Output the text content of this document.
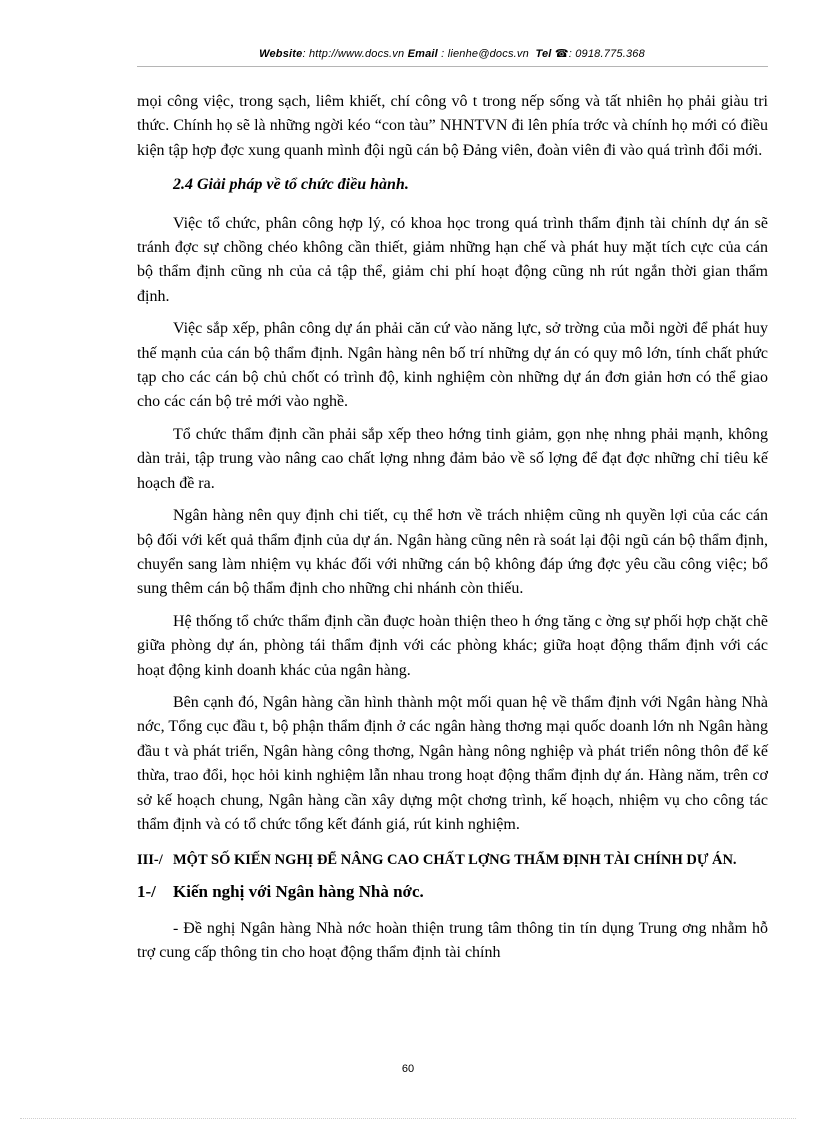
Website: http://www.docs.vn Email : lienhe@docs.vn Tel ☎: 0918.775.368

mọi công việc, trong sạch, liêm khiết, chí công vô t trong nếp sống và tất nhiên họ phải giàu tri thức. Chính họ sẽ là những ngời kéo “con tàu” NHNTVN đi lên phía trớc và chính họ mới có điều kiện tập hợp đợc xung quanh mình đội ngũ cán bộ Đảng viên, đoàn viên đi vào quá trình đổi mới.

2.4 Giải pháp về tổ chức điều hành.

Việc tổ chức, phân công hợp lý, có khoa học trong quá trình thẩm định tài chính dự án sẽ tránh đợc sự chồng chéo không cần thiết, giảm những hạn chế và phát huy mặt tích cực của cán bộ thẩm định cũng nh của cả tập thể, giảm chi phí hoạt động cũng nh rút ngắn thời gian thẩm định.

Việc sắp xếp, phân công dự án phải căn cứ vào năng lực, sở trờng của mỗi ngời để phát huy thế mạnh của cán bộ thẩm định. Ngân hàng nên bố trí những dự án có quy mô lớn, tính chất phức tạp cho các cán bộ chủ chốt có trình độ, kinh nghiệm còn những dự án đơn giản hơn có thể giao cho các cán bộ trẻ mới vào nghề.

Tổ chức thẩm định cần phải sắp xếp theo hớng tinh giảm, gọn nhẹ nhng phải mạnh, không dàn trải, tập trung vào nâng cao chất lợng nhng đảm bảo về số lợng để đạt đợc những chỉ tiêu kế hoạch đề ra.

Ngân hàng nên quy định chi tiết, cụ thể hơn về trách nhiệm cũng nh quyền lợi của các cán bộ đối với kết quả thẩm định của dự án. Ngân hàng cũng nên rà soát lại đội ngũ cán bộ thẩm định, chuyển sang làm nhiệm vụ khác đối với những cán bộ không đáp ứng đợc yêu cầu công việc; bổ sung thêm cán bộ thẩm định cho những chi nhánh còn thiếu.

Hệ thống tổ chức thẩm định cần đuợc hoàn thiện theo h ớng tăng c ờng sự phối hợp chặt chẽ giữa phòng dự án, phòng tái thẩm định với các phòng khác; giữa hoạt động thẩm định với các hoạt động kinh doanh khác của ngân hàng.

Bên cạnh đó, Ngân hàng cần hình thành một mối quan hệ về thẩm định với Ngân hàng Nhà nớc, Tổng cục đầu t, bộ phận thẩm định ở các ngân hàng thơng mại quốc doanh lớn nh Ngân hàng đầu t và phát triển, Ngân hàng công thơng, Ngân hàng nông nghiệp và phát triển nông thôn để kế thừa, trao đổi, học hỏi kinh nghiệm lẫn nhau trong hoạt động thẩm định dự án. Hàng năm, trên cơ sở kế hoạch chung, Ngân hàng cần xây dựng một chơng trình, kế hoạch, nhiệm vụ cho công tác thẩm định và có tổ chức tổng kết đánh giá, rút kinh nghiệm.

III-/ MỘT SỐ KIẾN NGHỊ ĐỂ NÂNG CAO CHẤT LỢNG THẨM ĐỊNH TÀI CHÍNH DỰ ÁN.
1-/	Kiến nghị với Ngân hàng Nhà nớc.

- Đề nghị Ngân hàng Nhà nớc hoàn thiện trung tâm thông tin tín dụng Trung ơng nhằm hỗ trợ cung cấp thông tin cho hoạt động thẩm định tài chính

60
